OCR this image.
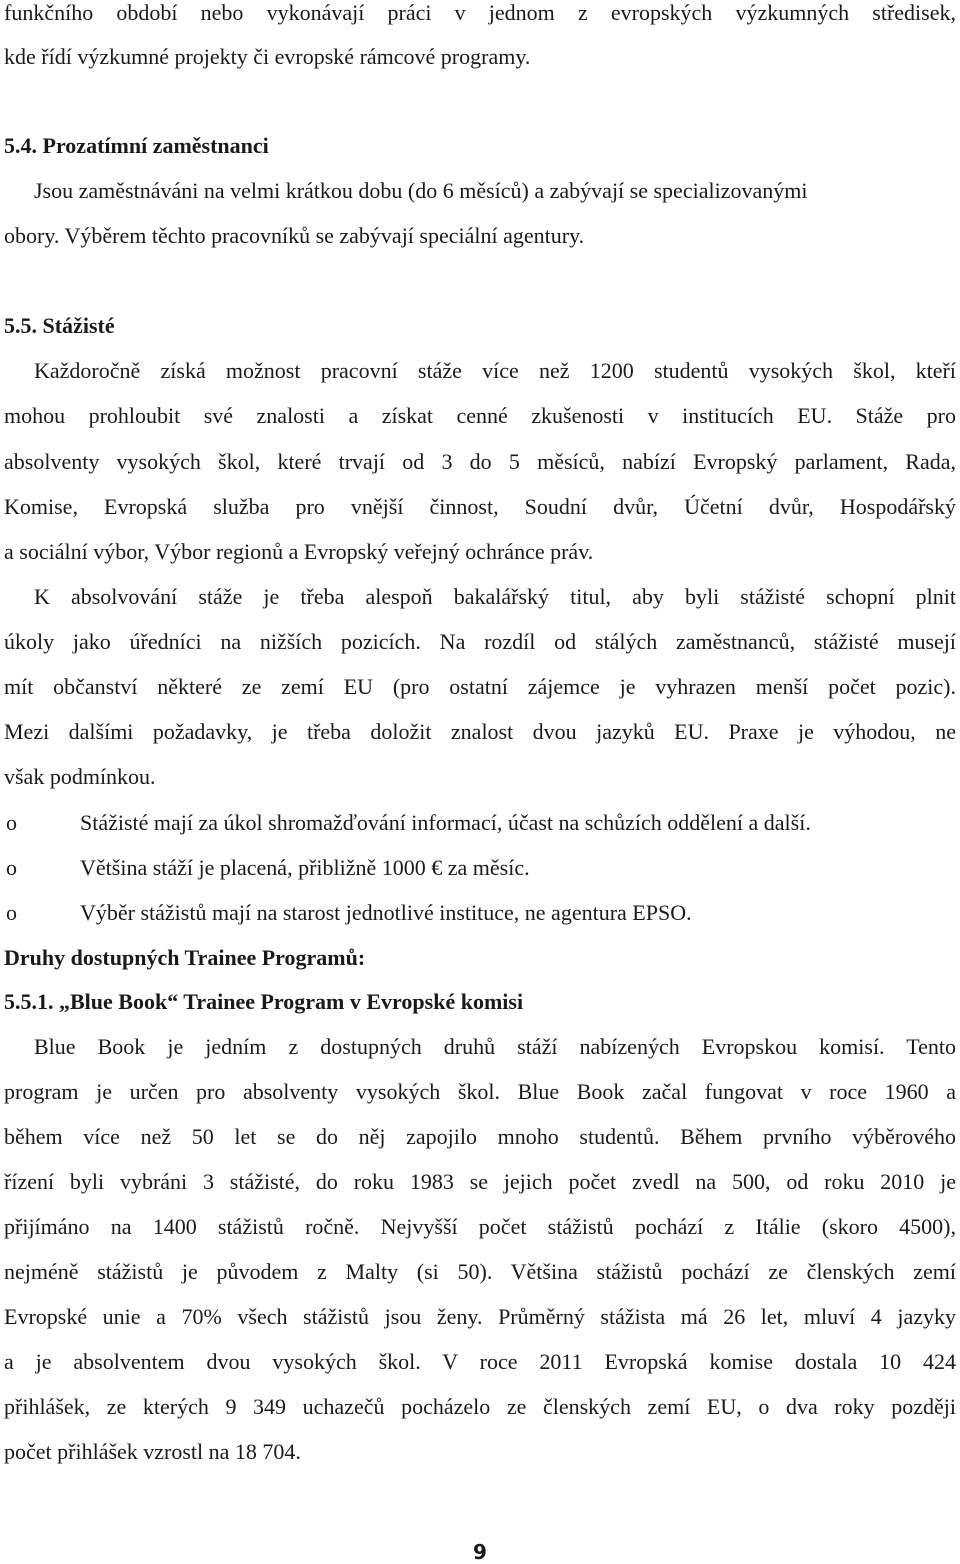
funkčního období nebo vykonávají práci v jednom z evropských výzkumných středisek,
kde řídí výzkumné projekty či evropské rámcové programy.
5.4. Prozatímní zaměstnanci
Jsou zaměstnáváni na velmi krátkou dobu (do 6 měsíců) a zabývají se specializovanými
obory. Výběrem těchto pracovníků se zabývají speciální agentury.
5.5. Stážisté
Každoročně získá možnost pracovní stáže více než 1200 studentů vysokých škol, kteří
mohou prohloubit své znalosti a získat cenné zkušenosti v institucích EU. Stáže pro
absolventy vysokých škol, které trvají od 3 do 5 měsíců, nabízí Evropský parlament, Rada,
Komise, Evropská služba pro vnější činnost, Soudní dvůr, Účetní dvůr, Hospodářský
a sociální výbor, Výbor regionů a Evropský veřejný ochránce práv.
K absolvování stáže je třeba alespoň bakalářský titul, aby byli stážisté schopní plnit
úkoly jako úředníci na nižších pozicích. Na rozdíl od stálých zaměstnanců, stážisté musejí
mít občanství některé ze zemí EU (pro ostatní zájemce je vyhrazen menší počet pozic).
Mezi dalšími požadavky, je třeba doložit znalost dvou jazyků EU. Praxe je výhodou, ne
však podmínkou.
o	Stážisté mají za úkol shromažďování informací, účast na schůzích oddělení a další.
o	Většina stáží je placená, přibližně 1000 € za měsíc.
o	Výběr stážistů mají na starost jednotlivé instituce, ne agentura EPSO.
Druhy dostupných Trainee Programů:
5.5.1. „Blue Book“ Trainee Program v Evropské komisi
Blue Book je jedním z dostupných druhů stáží nabízených Evropskou komisí. Tento
program je určen pro absolventy vysokých škol. Blue Book začal fungovat v roce 1960 a
během více než 50 let se do něj zapojilo mnoho studentů. Během prvního výběrového
řízení byli vybráni 3 stážisté, do roku 1983 se jejich počet zvedl na 500, od roku 2010 je
přijímáno na 1400 stážistů ročně. Nejvyšší počet stážistů pochází z Itálie (skoro 4500),
nejméně stážistů je původem z Malty (si 50). Většina stážistů pochází ze členských zemí
Evropské unie a 70% všech stážistů jsou ženy. Průměrný stážista má 26 let, mluví 4 jazyky
a je absolventem dvou vysokých škol. V roce 2011 Evropská komise dostala 10 424
přihlášek, ze kterých 9 349 uchazečů pocházelo ze členských zemí EU, o dva roky později
počet přihlášek vzrostl na 18 704.
9
